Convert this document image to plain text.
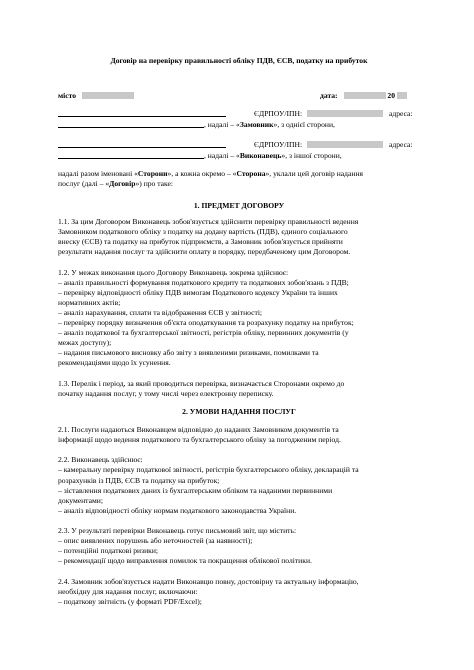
Договір на перевірку правильності обліку ПДВ, ЄСВ, податку на прибуток
місто	дата:	20
ЄДРПОУ/ІПН:	адреса:
, надалі – «Замовник», з однієї сторони,
ЄДРПОУ/ІПН:	адреса:
, надалі – «Виконавець», з іншої сторони,
надалі разом іменовані «Сторони», а кожна окремо – «Сторона», уклали цей договір надання
послуг (далі – «Договір») про таке:
1. ПРЕДМЕТ ДОГОВОРУ
1.1. За цим Договором Виконавець зобов'язується здійснити перевірку правильності ведення
Замовником податкового обліку з податку на додану вартість (ПДВ), єдиного соціального
внеску (ЄСВ) та податку на прибуток підприємств, а Замовник зобов'язується прийняти
результати надання послуг та здійснити оплату в порядку, передбаченому цим Договором.
1.2. У межах виконання цього Договору Виконавець зокрема здійснює:
– аналіз правильності формування податкового кредиту та податкових зобов'язань з ПДВ;
– перевірку відповідності обліку ПДВ вимогам Податкового кодексу України та інших
нормативних актів;
– аналіз нарахування, сплати та відображення ЄСВ у звітності;
– перевірку порядку визначення об'єкта оподаткування та розрахунку податку на прибуток;
– аналіз податкової та бухгалтерської звітності, регістрів обліку, первинних документів (у
межах доступу);
– надання письмового висновку або звіту з виявленими ризиками, помилками та
рекомендаціями щодо їх усунення.
1.3. Перелік і період, за який проводиться перевірка, визначається Сторонами окремо до
початку надання послуг, у тому числі через електронну переписку.
2. УМОВИ НАДАННЯ ПОСЛУГ
2.1. Послуги надаються Виконавцем відповідно до наданих Замовником документів та
інформації щодо ведення податкового та бухгалтерського обліку за погодженим період.
2.2. Виконавець здійснює:
– камеральну перевірку податкової звітності, регістрів бухгалтерського обліку, декларацій та
розрахунків із ПДВ, ЄСВ та податку на прибуток;
– зіставлення податкових даних із бухгалтерським обліком та наданими первинними
документами;
– аналіз відповідності обліку нормам податкового законодавства України.
2.3. У результаті перевірки Виконавець готує письмовий звіт, що містить:
– опис виявлених порушень або неточностей (за наявності);
– потенційні податкові ризики;
– рекомендації щодо виправлення помилок та покращення облікової політики.
2.4. Замовник зобов'язується надати Виконавцю повну, достовірну та актуальну інформацію,
необхідну для надання послуг, включаючи:
– податкову звітність (у форматі PDF/Excel);
